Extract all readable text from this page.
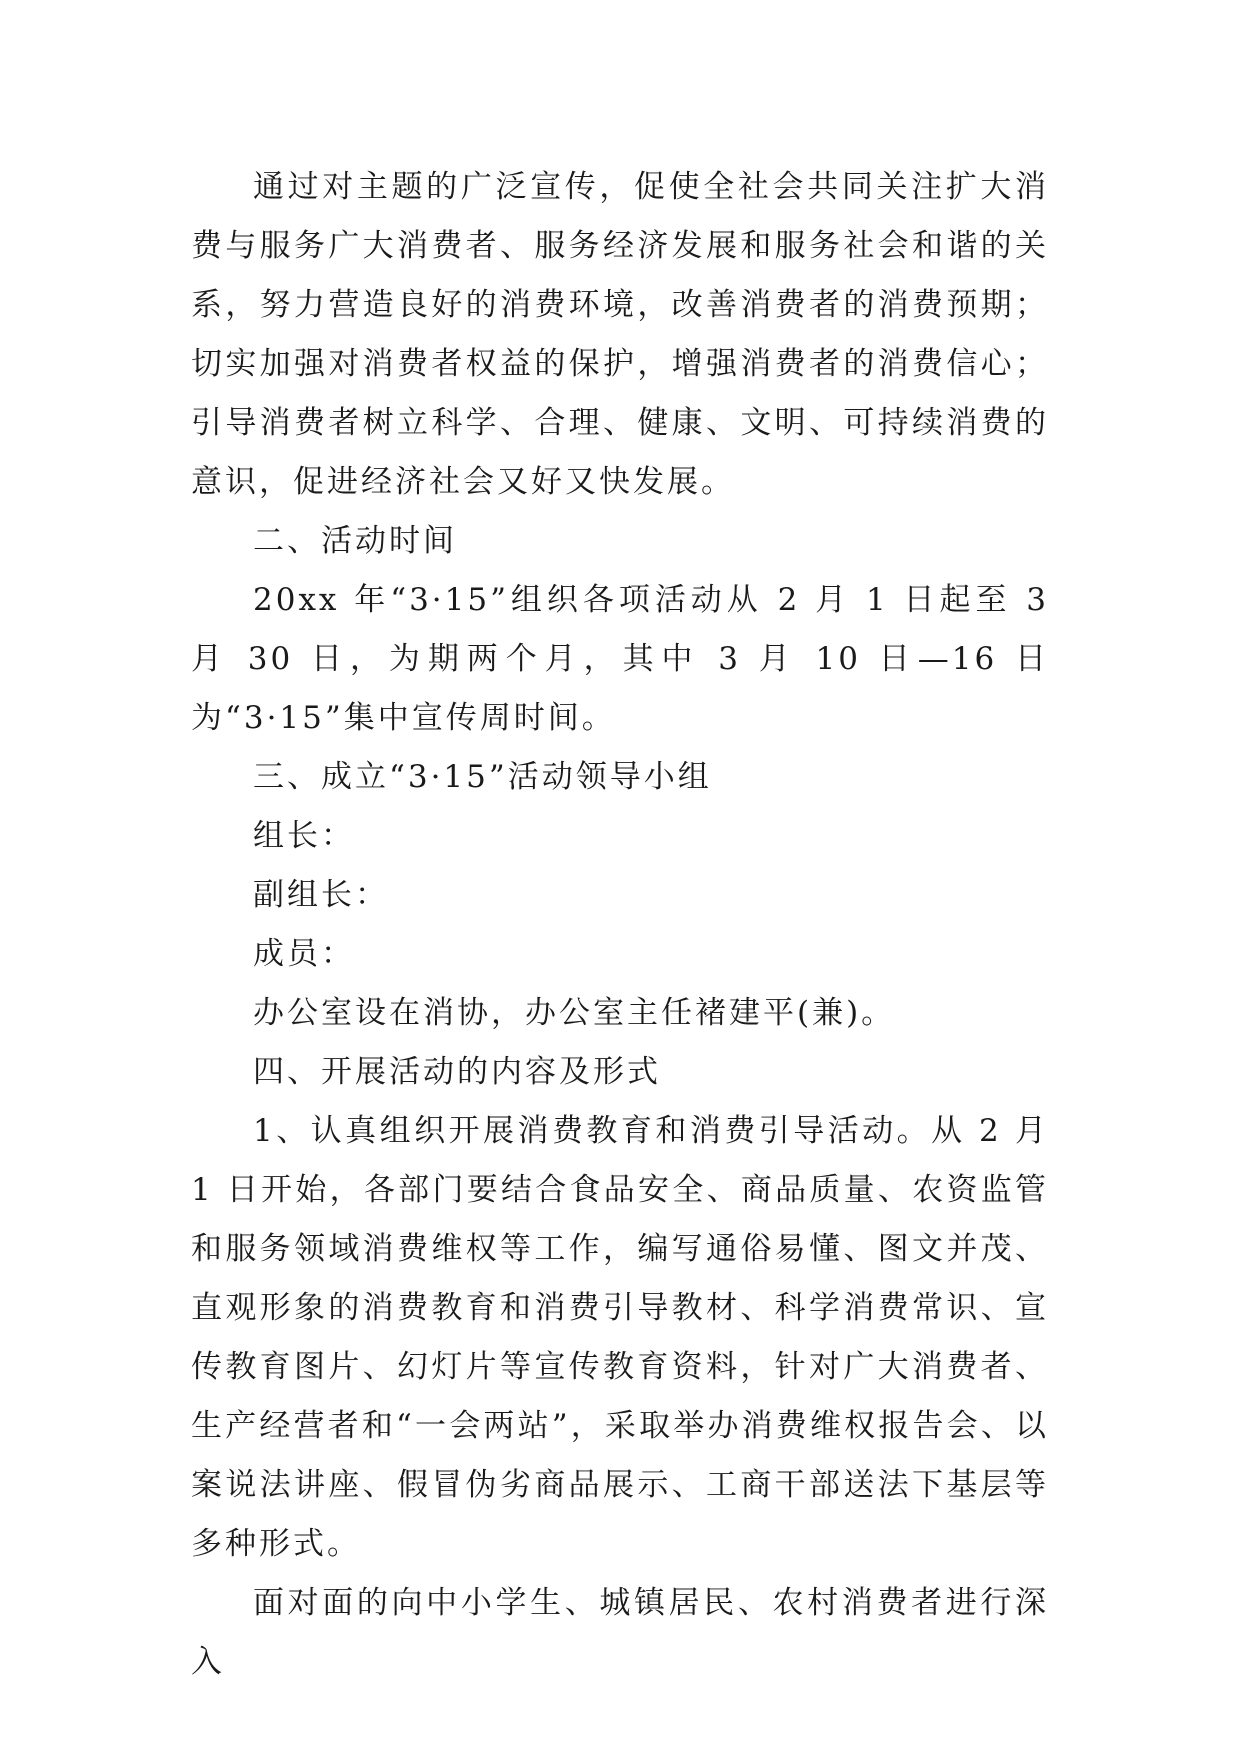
通过对主题的广泛宣传，促使全社会共同关注扩大消费与服务广大消费者、服务经济发展和服务社会和谐的关系，努力营造良好的消费环境，改善消费者的消费预期；切实加强对消费者权益的保护，增强消费者的消费信心；引导消费者树立科学、合理、健康、文明、可持续消费的意识，促进经济社会又好又快发展。

二、活动时间

20xx 年“3·15”组织各项活动从 2 月 1 日起至 3 月 30 日，为期两个月，其中 3 月 10 日—16 日为“3·15”集中宣传周时间。

三、成立“3·15”活动领导小组

组长：

副组长：

成员：

办公室设在消协，办公室主任褚建平(兼)。

四、开展活动的内容及形式

1、认真组织开展消费教育和消费引导活动。从 2 月 1 日开始，各部门要结合食品安全、商品质量、农资监管和服务领域消费维权等工作，编写通俗易懂、图文并茂、直观形象的消费教育和消费引导教材、科学消费常识、宣传教育图片、幻灯片等宣传教育资料，针对广大消费者、生产经营者和“一会两站”，采取举办消费维权报告会、以案说法讲座、假冒伪劣商品展示、工商干部送法下基层等多种形式。

面对面的向中小学生、城镇居民、农村消费者进行深入
